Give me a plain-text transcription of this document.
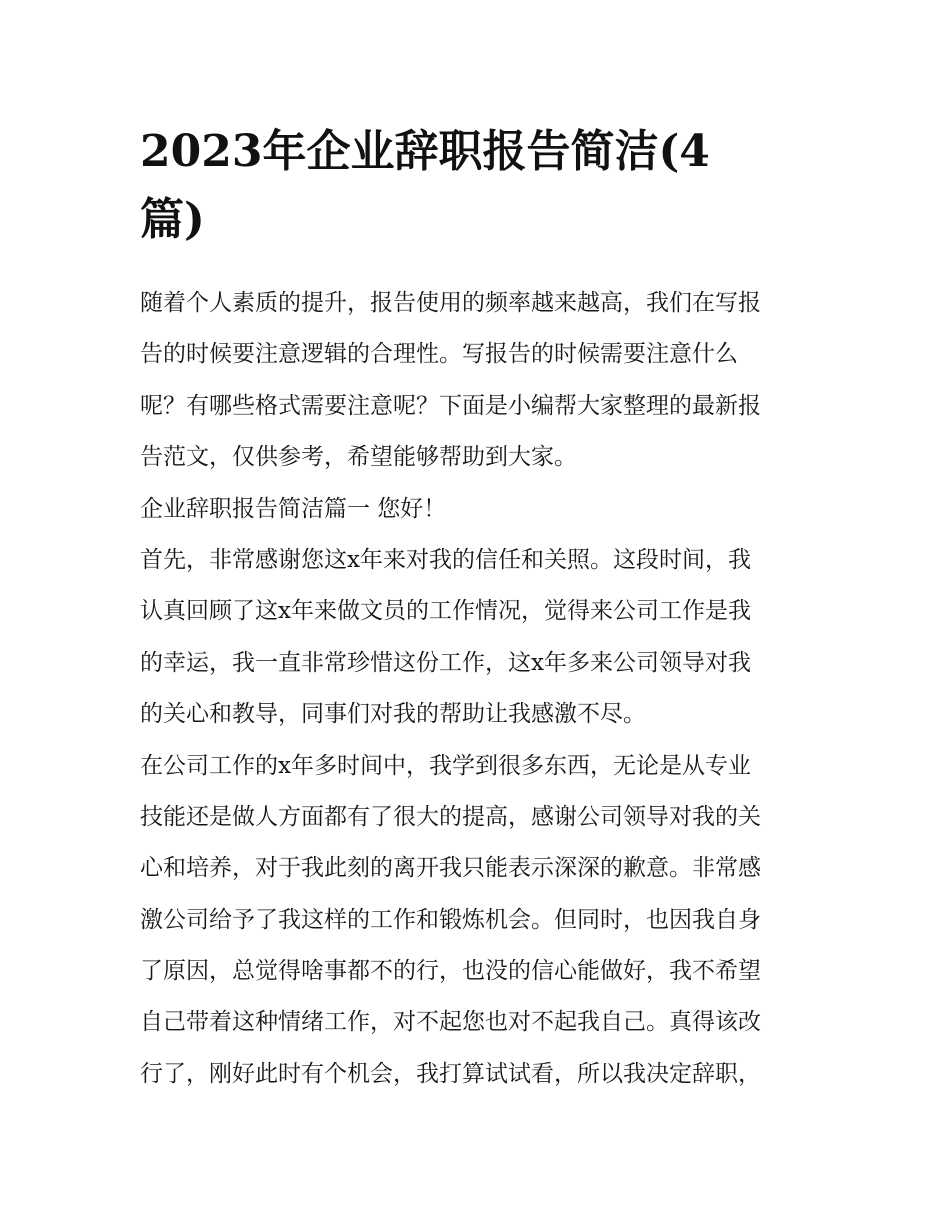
2023年企业辞职报告简洁(4
篇)
随着个人素质的提升，报告使用的频率越来越高，我们在写报
告的时候要注意逻辑的合理性。写报告的时候需要注意什么
呢？有哪些格式需要注意呢？下面是小编帮大家整理的最新报
告范文，仅供参考，希望能够帮助到大家。
企业辞职报告简洁篇一 您好！
首先，非常感谢您这x年来对我的信任和关照。这段时间，我
认真回顾了这x年来做文员的工作情况，觉得来公司工作是我
的幸运，我一直非常珍惜这份工作，这x年多来公司领导对我
的关心和教导，同事们对我的帮助让我感激不尽。
在公司工作的x年多时间中，我学到很多东西，无论是从专业
技能还是做人方面都有了很大的提高，感谢公司领导对我的关
心和培养，对于我此刻的离开我只能表示深深的歉意。非常感
激公司给予了我这样的工作和锻炼机会。但同时，也因我自身
了原因，总觉得啥事都不的行，也没的信心能做好，我不希望
自己带着这种情绪工作，对不起您也对不起我自己。真得该改
行了，刚好此时有个机会，我打算试试看，所以我决定辞职，
